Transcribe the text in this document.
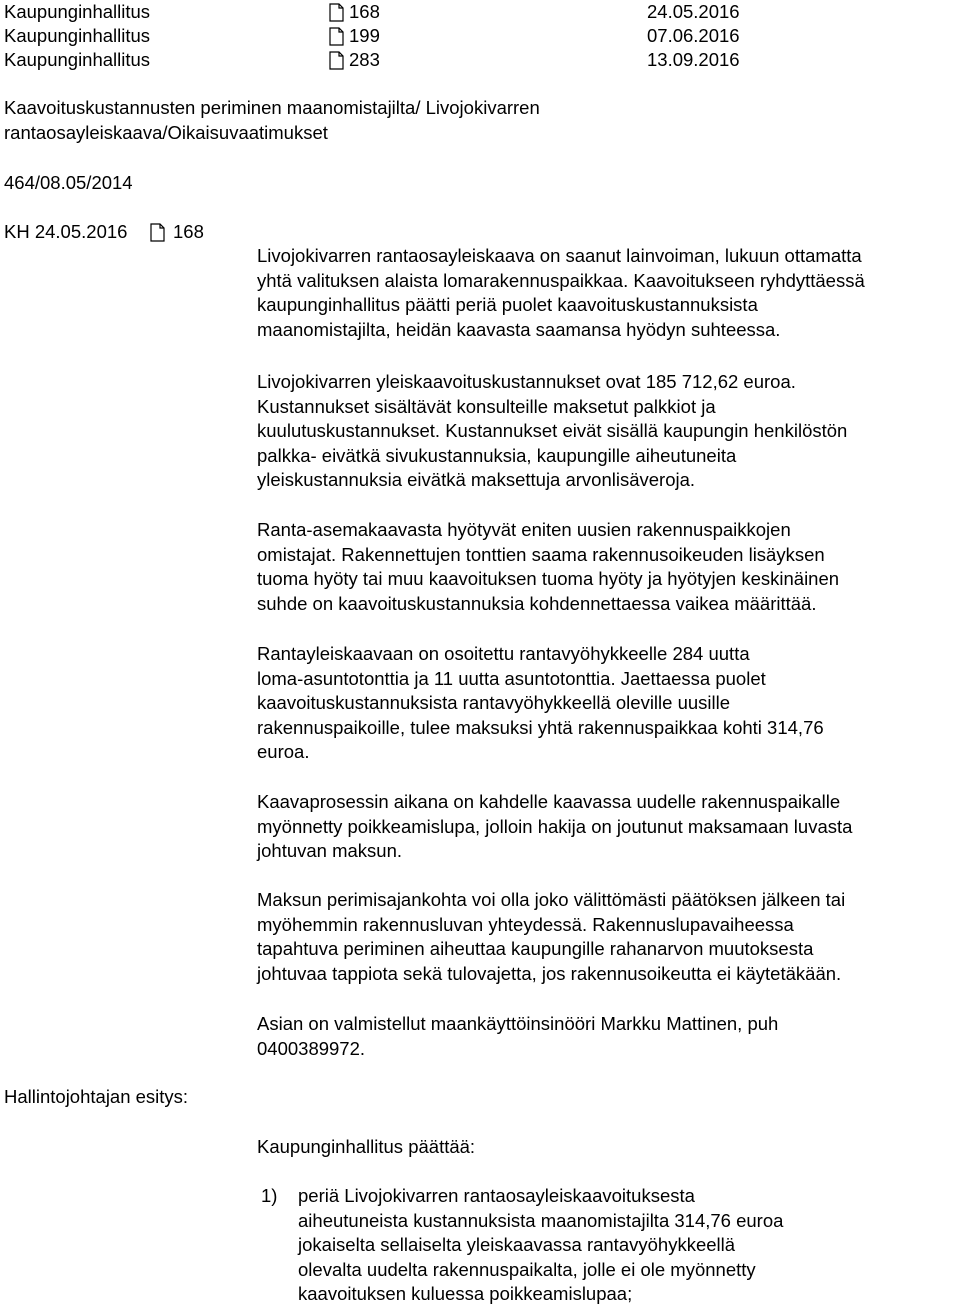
Kaupunginhallitus	168	24.05.2016
Kaupunginhallitus	199	07.06.2016
Kaupunginhallitus	283	13.09.2016
Kaavoituskustannusten periminen maanomistajilta/ Livojokivarren
rantaosayleiskaava/Oikaisuvaatimukset
464/08.05/2014
KH 24.05.2016 168
Livojokivarren rantaosayleiskaava on saanut lainvoiman, lukuun ottamatta
yhtä valituksen alaista lomarakennuspaikkaa. Kaavoitukseen ryhdyttäessä
kaupunginhallitus päätti periä puolet kaavoituskustannuksista
maanomistajilta, heidän kaavasta saamansa hyödyn suhteessa.
Livojokivarren yleiskaavoituskustannukset ovat 185 712,62 euroa.
Kustannukset sisältävät konsulteille maksetut palkkiot ja
kuulutuskustannukset. Kustannukset eivät sisällä kaupungin henkilöstön
palkka- eivätkä sivukustannuksia, kaupungille aiheutuneita
yleiskustannuksia eivätkä maksettuja arvonlisäveroja.
Ranta-asemakaavasta hyötyvät eniten uusien rakennuspaikkojen
omistajat. Rakennettujen tonttien saama rakennusoikeuden lisäyksen
tuoma hyöty tai muu kaavoituksen tuoma hyöty ja hyötyjen keskinäinen
suhde on kaavoituskustannuksia kohdennettaessa vaikea määrittää.
Rantayleiskaavaan on osoitettu rantavyöhykkeelle 284 uutta
loma-asuntotonttia ja 11 uutta asuntotonttia. Jaettaessa puolet
kaavoituskustannuksista rantavyöhykkeellä oleville uusille
rakennuspaikoille, tulee maksuksi yhtä rakennuspaikkaa kohti 314,76
euroa.
Kaavaprosessin aikana on kahdelle kaavassa uudelle rakennuspaikalle
myönnetty poikkeamislupa, jolloin hakija on joutunut maksamaan luvasta
johtuvan maksun.
Maksun perimisajankohta voi olla joko välittömästi päätöksen jälkeen tai
myöhemmin rakennusluvan yhteydessä. Rakennuslupavaiheessa
tapahtuva periminen aiheuttaa kaupungille rahanarvon muutoksesta
johtuvaa tappiota sekä tulovajetta, jos rakennusoikeutta ei käytetäkään.
Asian on valmistellut maankäyttöinsinööri Markku Mattinen, puh
0400389972.
Hallintojohtajan esitys:
Kaupunginhallitus päättää:
1) periä Livojokivarren rantaosayleiskaavoituksesta
aiheutuneista kustannuksista maanomistajilta 314,76 euroa
jokaiselta sellaiselta yleiskaavassa rantavyöhykkeellä
olevalta uudelta rakennuspaikalta, jolle ei ole myönnetty
kaavoituksen kuluessa poikkeamislupaa;
